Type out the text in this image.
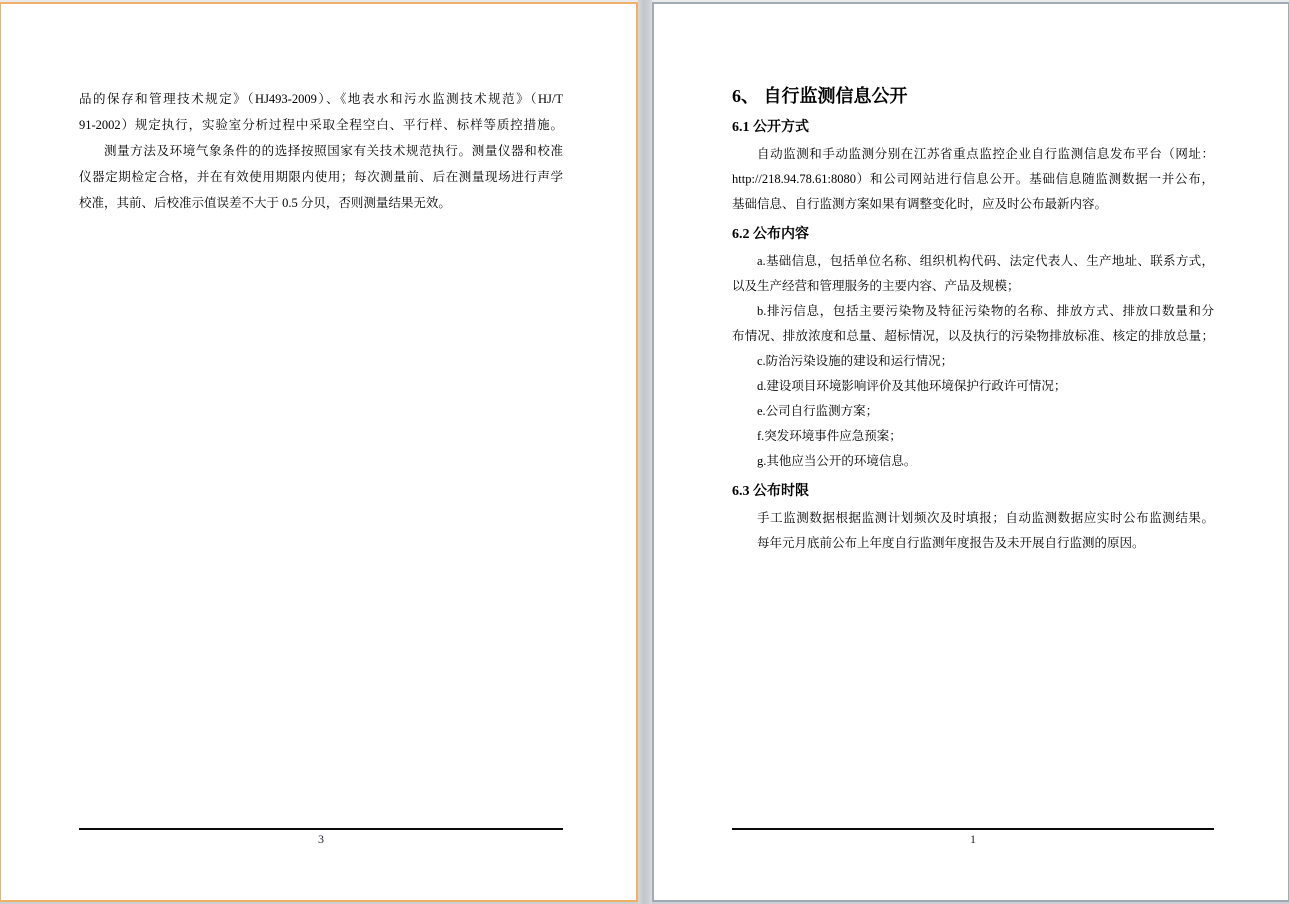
品的保存和管理技术规定》（HJ493-2009）、《地表水和污水监测技术规范》（HJ/T
91-2002）规定执行，实验室分析过程中采取全程空白、平行样、标样等质控措施。
测量方法及环境气象条件的的选择按照国家有关技术规范执行。测量仪器和校准
仪器定期检定合格，并在有效使用期限内使用；每次测量前、后在测量现场进行声学
校准，其前、后校准示值误差不大于 0.5 分贝，否则测量结果无效。
3
6、 自行监测信息公开
6.1 公开方式
自动监测和手动监测分别在江苏省重点监控企业自行监测信息发布平台（网址：
http://218.94.78.61:8080）和公司网站进行信息公开。基础信息随监测数据一并公布，
基础信息、自行监测方案如果有调整变化时，应及时公布最新内容。
6.2 公布内容
a.基础信息，包括单位名称、组织机构代码、法定代表人、生产地址、联系方式，
以及生产经营和管理服务的主要内容、产品及规模；
b.排污信息，包括主要污染物及特征污染物的名称、排放方式、排放口数量和分
布情况、排放浓度和总量、超标情况，以及执行的污染物排放标准、核定的排放总量；
c.防治污染设施的建设和运行情况；
d.建设项目环境影响评价及其他环境保护行政许可情况；
e.公司自行监测方案；
f.突发环境事件应急预案；
g.其他应当公开的环境信息。
6.3 公布时限
手工监测数据根据监测计划频次及时填报；自动监测数据应实时公布监测结果。
每年元月底前公布上年度自行监测年度报告及未开展自行监测的原因。
1
